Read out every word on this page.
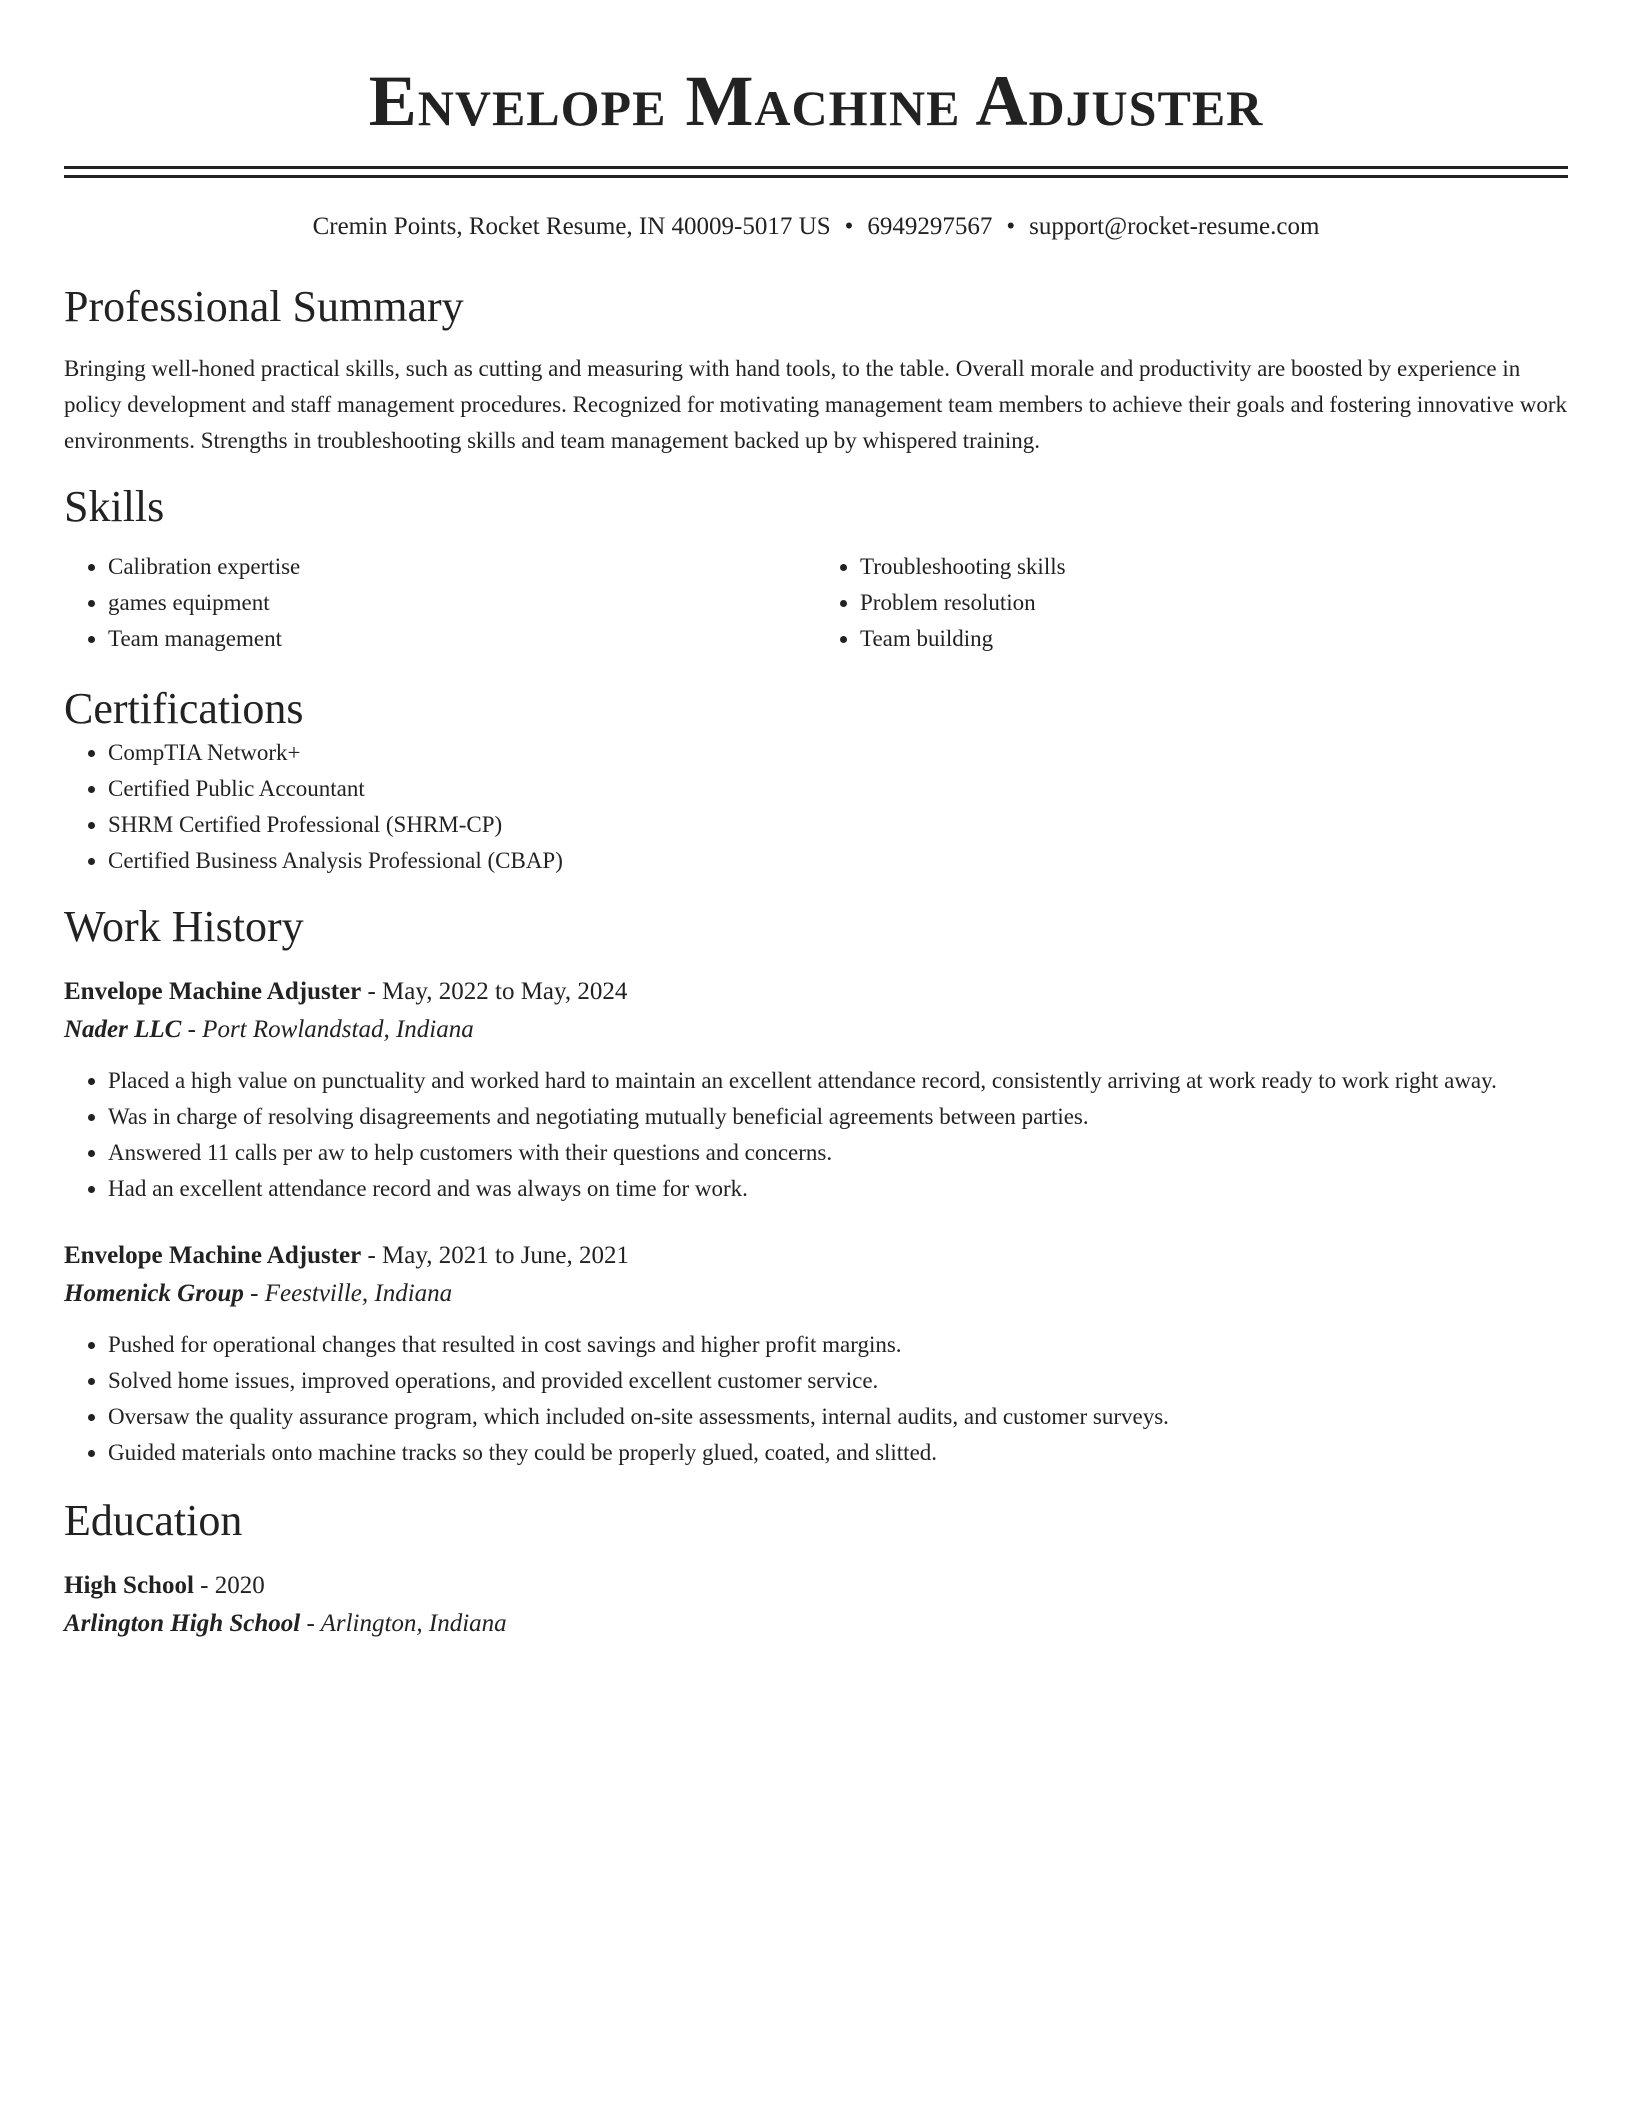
Envelope Machine Adjuster
Cremin Points, Rocket Resume, IN 40009-5017 US • 6949297567 • support@rocket-resume.com
Professional Summary

Bringing well-honed practical skills, such as cutting and measuring with hand tools, to the table. Overall morale and productivity are boosted by experience in policy development and staff management procedures. Recognized for motivating management team members to achieve their goals and fostering innovative work environments. Strengths in troubleshooting skills and team management backed up by whispered training.

Skills
• Calibration expertise
• games equipment
• Team management
• Troubleshooting skills
• Problem resolution
• Team building
Certifications
• CompTIA Network+
• Certified Public Accountant
• SHRM Certified Professional (SHRM-CP)
• Certified Business Analysis Professional (CBAP)
Work History
Envelope Machine Adjuster - May, 2022 to May, 2024
Nader LLC - Port Rowlandstad, Indiana
• Placed a high value on punctuality and worked hard to maintain an excellent attendance record, consistently arriving at work ready to work right away.
• Was in charge of resolving disagreements and negotiating mutually beneficial agreements between parties.
• Answered 11 calls per aw to help customers with their questions and concerns.
• Had an excellent attendance record and was always on time for work.
Envelope Machine Adjuster - May, 2021 to June, 2021
Homenick Group - Feestville, Indiana
• Pushed for operational changes that resulted in cost savings and higher profit margins.
• Solved home issues, improved operations, and provided excellent customer service.
• Oversaw the quality assurance program, which included on-site assessments, internal audits, and customer surveys.
• Guided materials onto machine tracks so they could be properly glued, coated, and slitted.
Education
High School - 2020
Arlington High School - Arlington, Indiana
